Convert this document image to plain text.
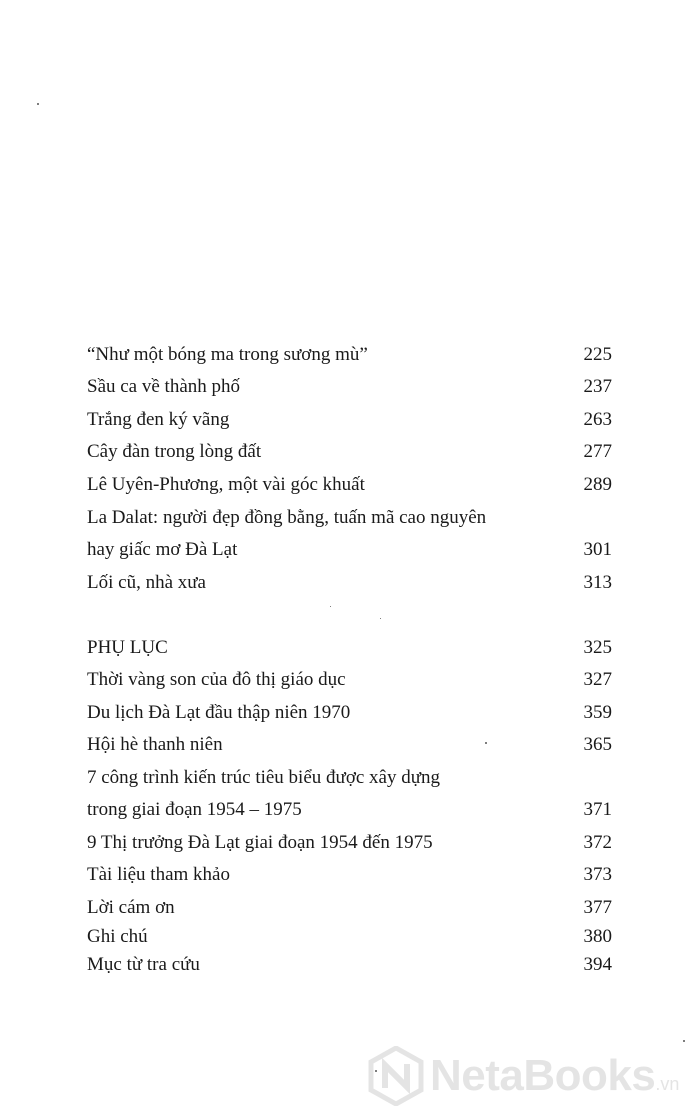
“Như một bóng ma trong sương mù”	225
Sầu ca về thành phố	237
Trắng đen ký vãng	263
Cây đàn trong lòng đất	277
Lê Uyên-Phương, một vài góc khuất	289
La Dalat: người đẹp đồng bằng, tuấn mã cao nguyên
hay giấc mơ Đà Lạt	301
Lối cũ, nhà xưa	313
PHỤ LỤC	325
Thời vàng son của đô thị giáo dục	327
Du lịch Đà Lạt đầu thập niên 1970	359
Hội hè thanh niên	365
7 công trình kiến trúc tiêu biểu được xây dựng
trong giai đoạn 1954 – 1975	371
9 Thị trưởng Đà Lạt giai đoạn 1954 đến 1975	372
Tài liệu tham khảo	373
Lời cám ơn	377
Ghi chú	380
Mục từ tra cứu	394
NetaBooks.vn
